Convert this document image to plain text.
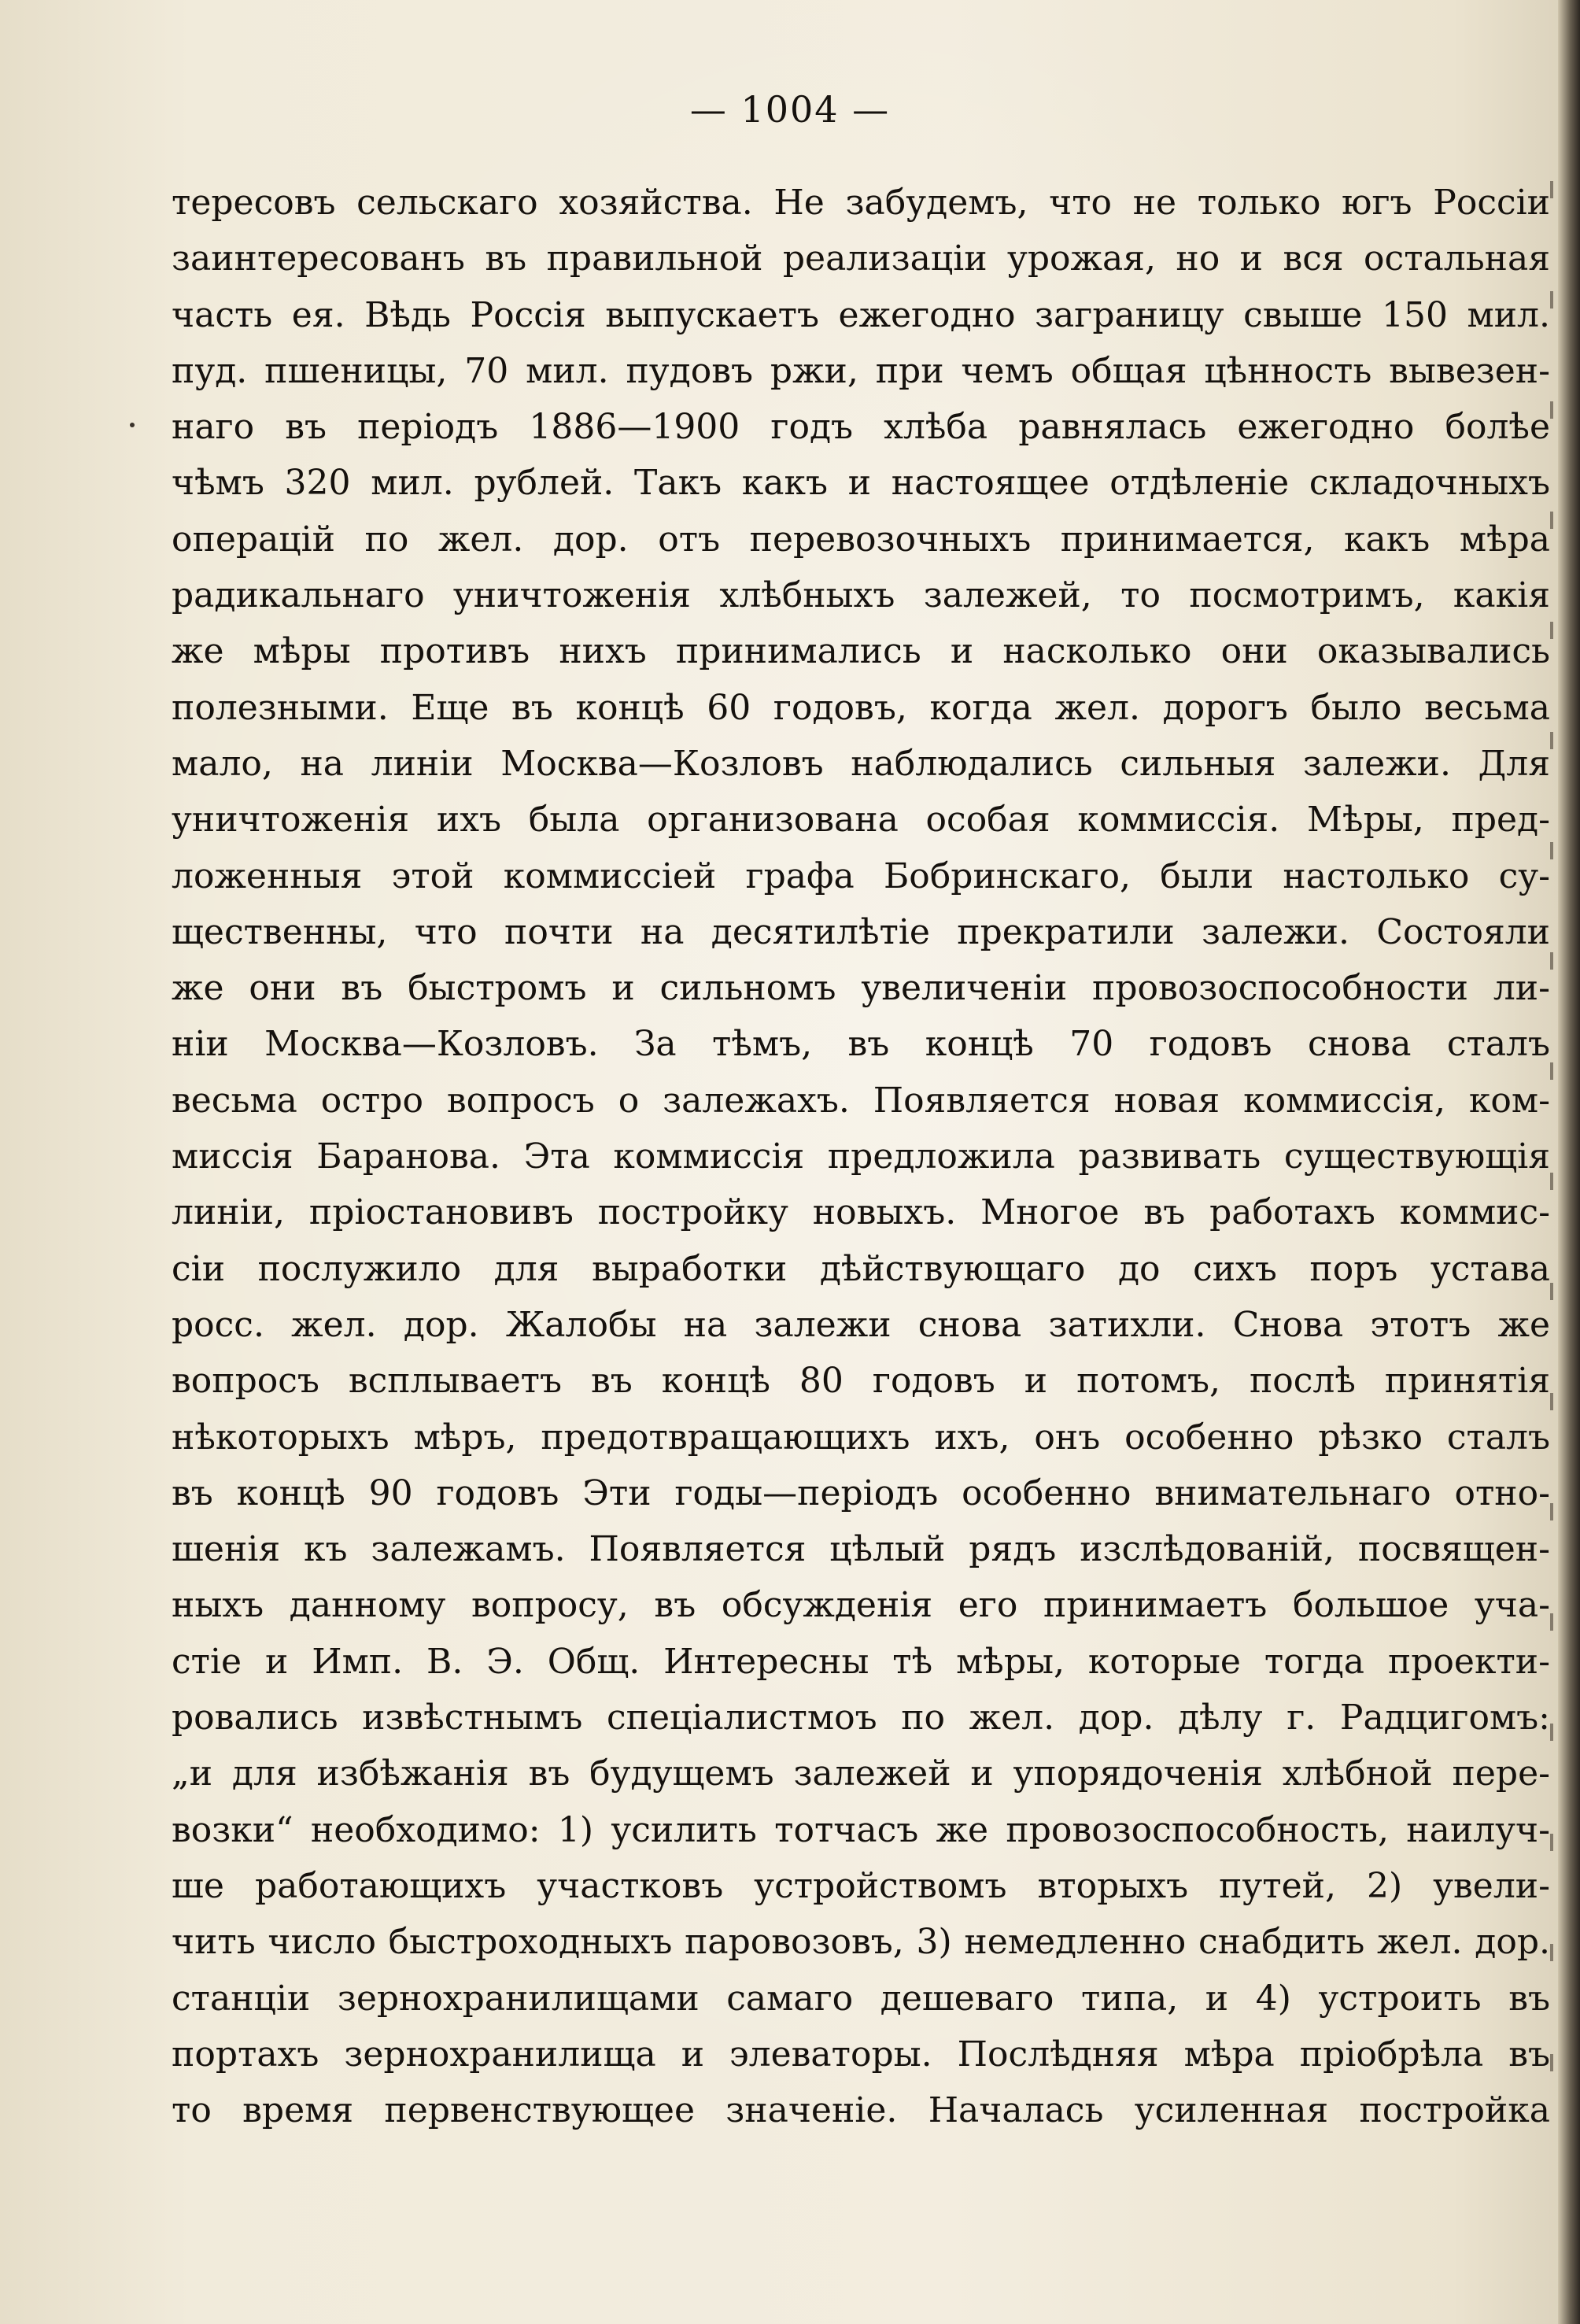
— 1004 —
тересовъ сельскаго хозяйства. Не забудемъ, что не только югъ Россіи
заинтересованъ въ правильной реализаціи урожая, но и вся остальная
часть ея. Вѣдь Россія выпускаетъ ежегодно заграницу свыше 150 мил.
пуд. пшеницы, 70 мил. пудовъ ржи, при чемъ общая цѣнность вывезен-
наго въ періодъ 1886—1900 годъ хлѣба равнялась ежегодно болѣе
чѣмъ 320 мил. рублей. Такъ какъ и настоящее отдѣленіе складочныхъ
операцій по жел. дор. отъ перевозочныхъ принимается, какъ мѣра
радикальнаго уничтоженія хлѣбныхъ залежей, то посмотримъ, какія
же мѣры противъ нихъ принимались и насколько они оказывались
полезными. Еще въ концѣ 60 годовъ, когда жел. дорогъ было весьма
мало, на линіи Москва—Козловъ наблюдались сильныя залежи. Для
уничтоженія ихъ была организована особая коммиссія. Мѣры, пред-
ложенныя этой коммиссіей графа Бобринскаго, были настолько су-
щественны, что почти на десятилѣтіе прекратили залежи. Состояли
же они въ быстромъ и сильномъ увеличеніи провозоспособности ли-
ніи Москва—Козловъ. За тѣмъ, въ концѣ 70 годовъ снова сталъ
весьма остро вопросъ о залежахъ. Появляется новая коммиссія, ком-
миссія Баранова. Эта коммиссія предложила развивать существующія
линіи, пріостановивъ постройку новыхъ. Многое въ работахъ коммис-
сіи послужило для выработки дѣйствующаго до сихъ поръ устава
росс. жел. дор. Жалобы на залежи снова затихли. Снова этотъ же
вопросъ всплываетъ въ концѣ 80 годовъ и потомъ, послѣ принятія
нѣкоторыхъ мѣръ, предотвращающихъ ихъ, онъ особенно рѣзко сталъ
въ концѣ 90 годовъ Эти годы—періодъ особенно внимательнаго отно-
шенія къ залежамъ. Появляется цѣлый рядъ изслѣдованій, посвящен-
ныхъ данному вопросу, въ обсужденія его принимаетъ большое уча-
стіе и Имп. В. Э. Общ. Интересны тѣ мѣры, которые тогда проекти-
ровались извѣстнымъ спеціалистмоъ по жел. дор. дѣлу г. Радцигомъ:
„и для избѣжанія въ будущемъ залежей и упорядоченія хлѣбной пере-
возки“ необходимо: 1) усилить тотчасъ же провозоспособность, наилуч-
ше работающихъ участковъ устройствомъ вторыхъ путей, 2) увели-
чить число быстроходныхъ паровозовъ, 3) немедленно снабдить жел. дор.
станціи зернохранилищами самаго дешеваго типа, и 4) устроить въ
портахъ зернохранилища и элеваторы. Послѣдняя мѣра пріобрѣла въ
то время первенствующее значеніе. Началась усиленная постройка
